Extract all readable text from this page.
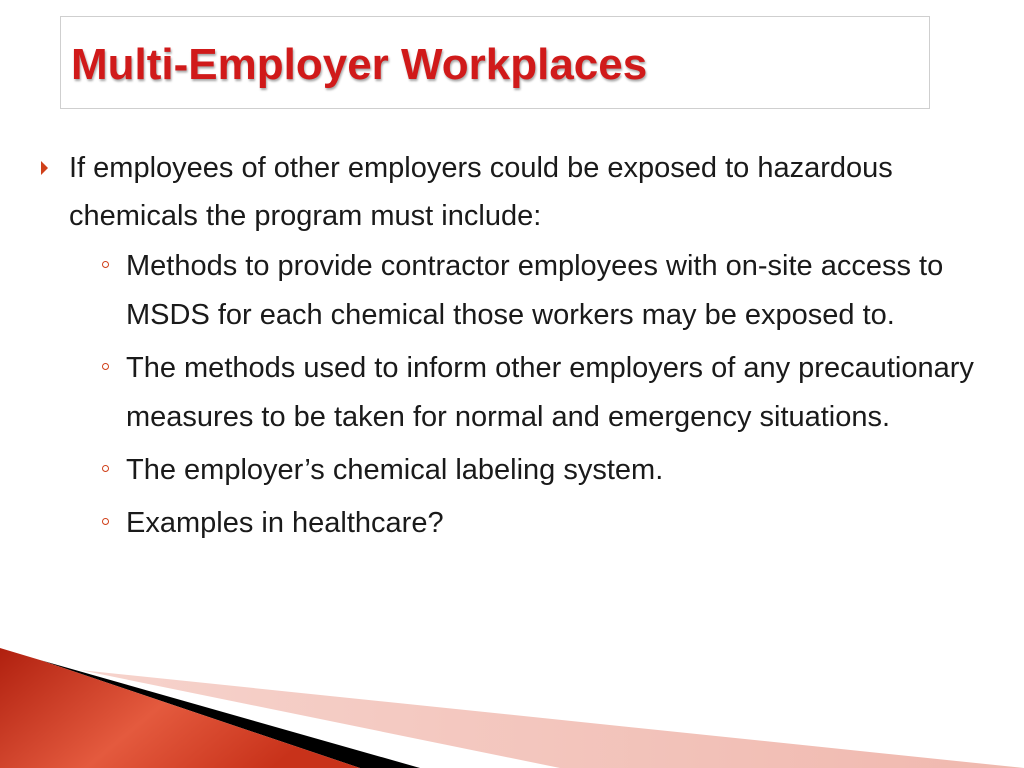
Multi-Employer Workplaces
If employees of other employers could be exposed to hazardous chemicals the program must include:
Methods to provide contractor employees with on-site access to MSDS for each chemical those workers may be exposed to.
The methods used to inform other employers of any precautionary measures to be taken for normal and emergency situations.
The employer’s chemical labeling system.
Examples in healthcare?
